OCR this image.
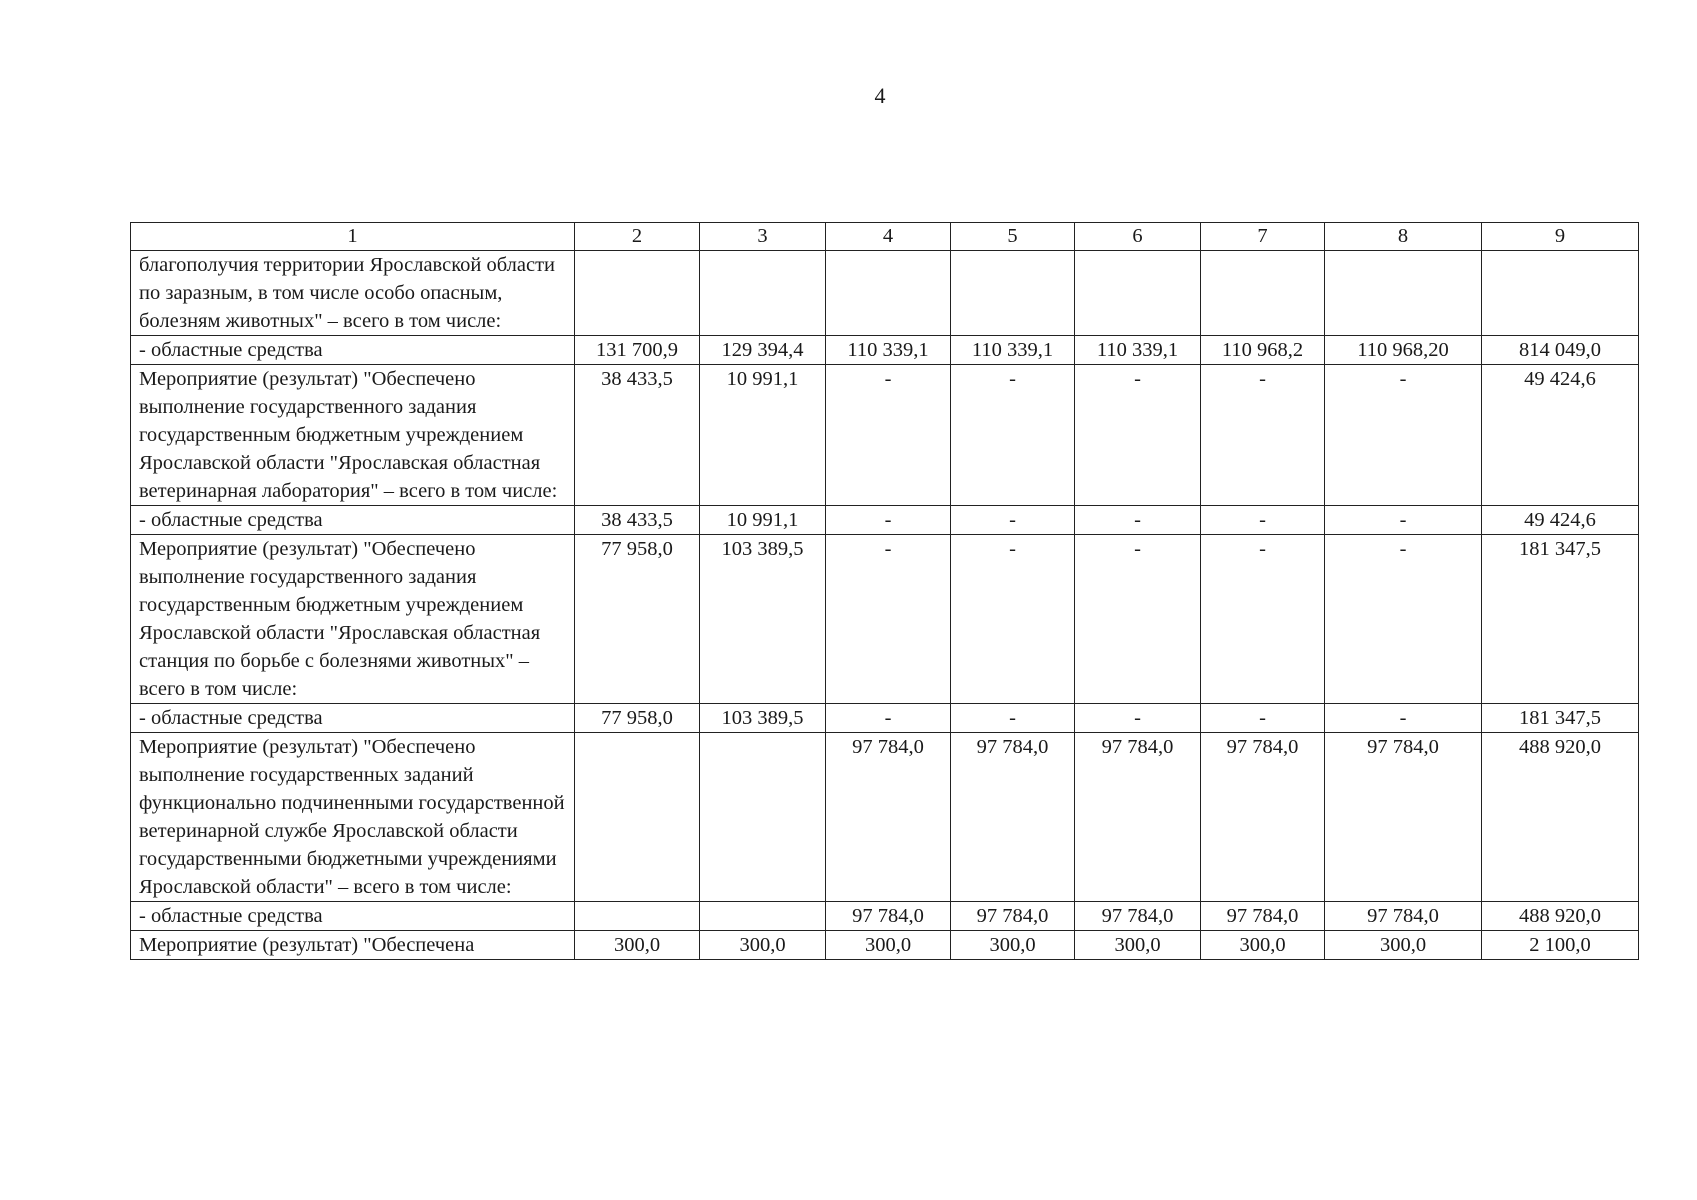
4
1	2	3	4	5	6	7	8	9
благополучия территории Ярославской области по заразным, в том числе особо опасным, болезням животных" – всего в том числе:								
- областные средства	131 700,9	129 394,4	110 339,1	110 339,1	110 339,1	110 968,2	110 968,20	814 049,0
Мероприятие (результат) "Обеспечено выполнение государственного задания государственным бюджетным учреждением Ярославской области "Ярославская областная ветеринарная лаборатория" – всего в том числе:	38 433,5	10 991,1	-	-	-	-	-	49 424,6
- областные средства	38 433,5	10 991,1	-	-	-	-	-	49 424,6
Мероприятие (результат) "Обеспечено выполнение государственного задания государственным бюджетным учреждением Ярославской области "Ярославская областная станция по борьбе с болезнями животных" – всего в том числе:	77 958,0	103 389,5	-	-	-	-	-	181 347,5
- областные средства	77 958,0	103 389,5	-	-	-	-	-	181 347,5
Мероприятие (результат) "Обеспечено выполнение государственных заданий функционально подчиненными государственной ветеринарной службе Ярославской области государственными бюджетными учреждениями Ярославской области" – всего в том числе:			97 784,0	97 784,0	97 784,0	97 784,0	97 784,0	488 920,0
- областные средства			97 784,0	97 784,0	97 784,0	97 784,0	97 784,0	488 920,0
Мероприятие (результат) "Обеспечена	300,0	300,0	300,0	300,0	300,0	300,0	300,0	2 100,0
